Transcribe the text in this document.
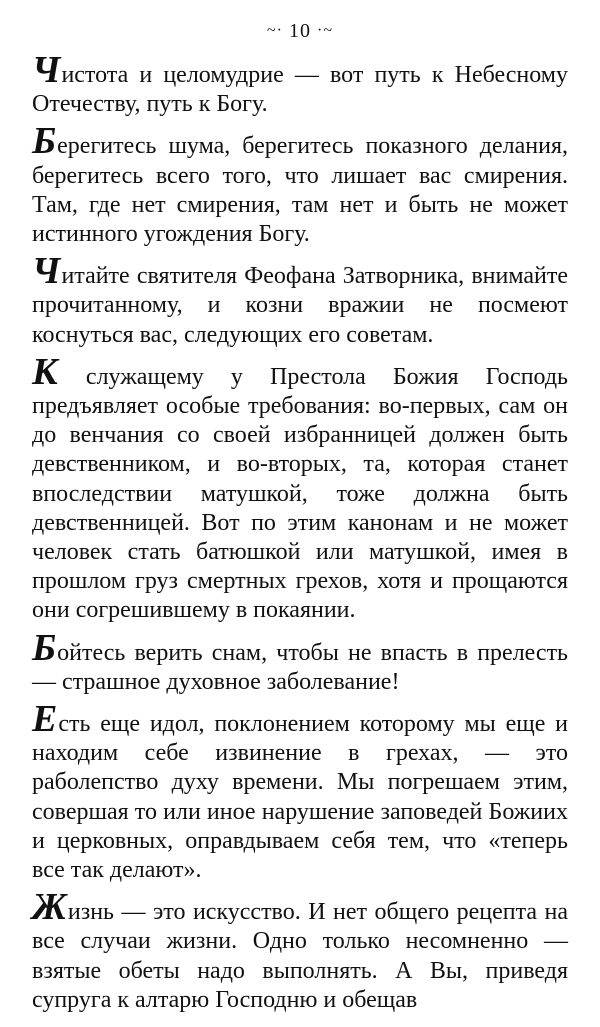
~· 10 ·~

Чистота и целомудрие — вот путь к Небесному Отечеству, путь к Богу.

Берегитесь шума, берегитесь показного делания, берегитесь всего того, что лишает вас смирения. Там, где нет смирения, там нет и быть не может истинного угождения Богу.

Читайте святителя Феофана Затворника, внимайте прочитанному, и козни вражии не посмеют коснуться вас, следующих его советам.

К служащему у Престола Божия Господь предъявляет особые требования: во-первых, сам он до венчания со своей избранницей должен быть девственником, и во-вторых, та, которая станет впоследствии матушкой, тоже должна быть девственницей. Вот по этим канонам и не может человек стать батюшкой или матушкой, имея в прошлом груз смертных грехов, хотя и прощаются они согрешившему в покаянии.

Бойтесь верить снам, чтобы не впасть в прелесть — страшное духовное заболевание!

Есть еще идол, поклонением которому мы еще и находим себе извинение в грехах, — это раболепство духу времени. Мы погрешаем этим, совершая то или иное нарушение заповедей Божиих и церковных, оправдываем себя тем, что «теперь все так делают».

Жизнь — это искусство. И нет общего рецепта на все случаи жизни. Одно только несомненно — взятые обеты надо выполнять. А Вы, приведя супруга к алтарю Господню и обещав
